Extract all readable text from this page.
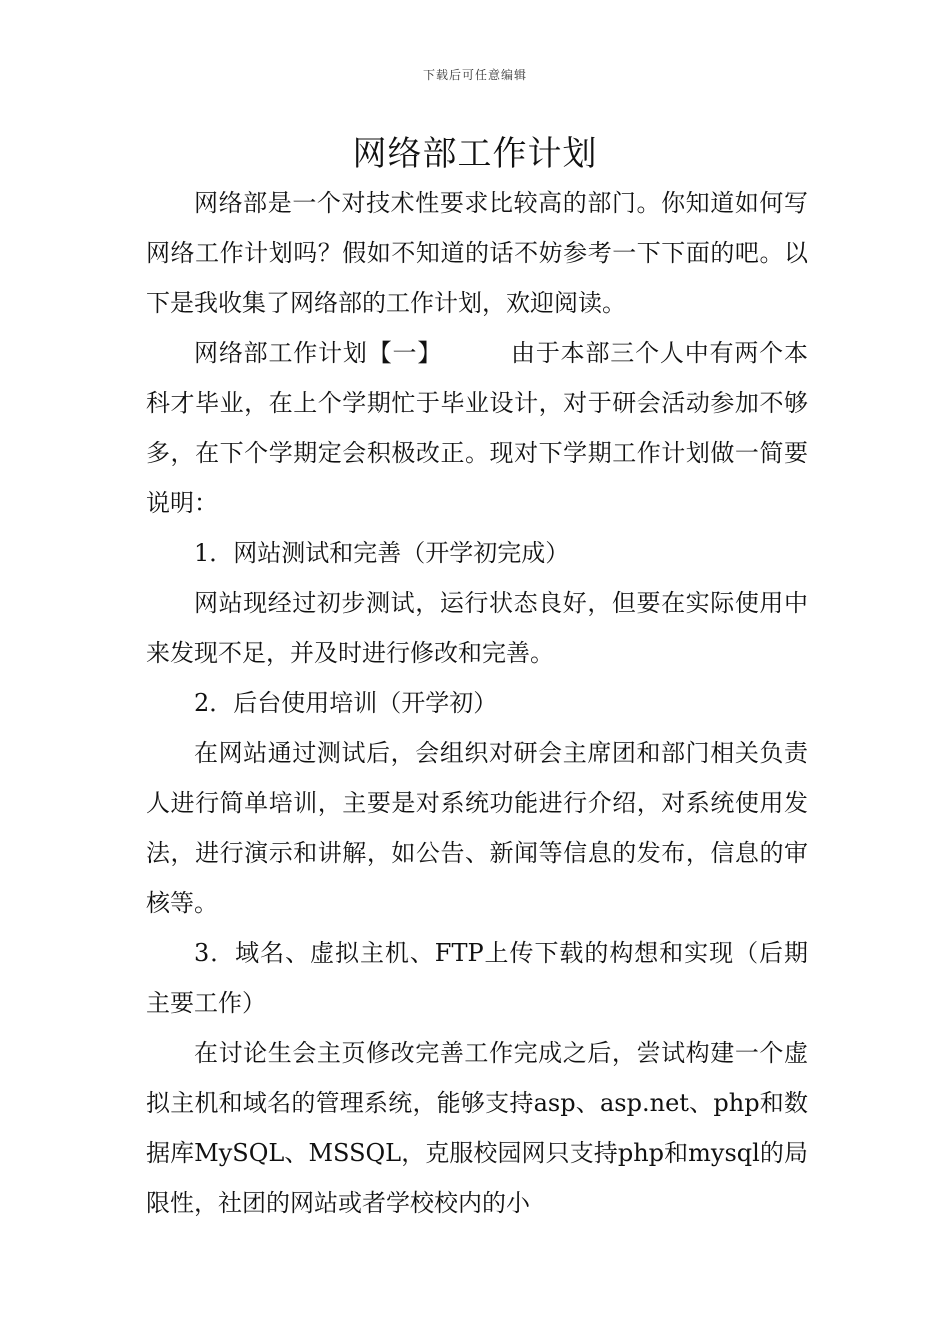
下载后可任意编辑
网络部工作计划

网络部是一个对技术性要求比较高的部门。你知道如何写网络工作计划吗？假如不知道的话不妨参考一下下面的吧。以下是我收集了网络部的工作计划，欢迎阅读。

网络部工作计划【一】	由于本部三个人中有两个本科才毕业，在上个学期忙于毕业设计，对于研会活动参加不够多，在下个学期定会积极改正。现对下学期工作计划做一简要说明：

1．网站测试和完善（开学初完成）

网站现经过初步测试，运行状态良好，但要在实际使用中来发现不足，并及时进行修改和完善。

2．后台使用培训（开学初）

在网站通过测试后，会组织对研会主席团和部门相关负责人进行简单培训，主要是对系统功能进行介绍，对系统使用发法，进行演示和讲解，如公告、新闻等信息的发布，信息的审核等。

3．域名、虚拟主机、FTP上传下载的构想和实现（后期主要工作）

在讨论生会主页修改完善工作完成之后，尝试构建一个虚拟主机和域名的管理系统，能够支持asp、asp.net、php和数据库MySQL、MSSQL，克服校园网只支持php和mysql的局限性，社团的网站或者学校校内的小
